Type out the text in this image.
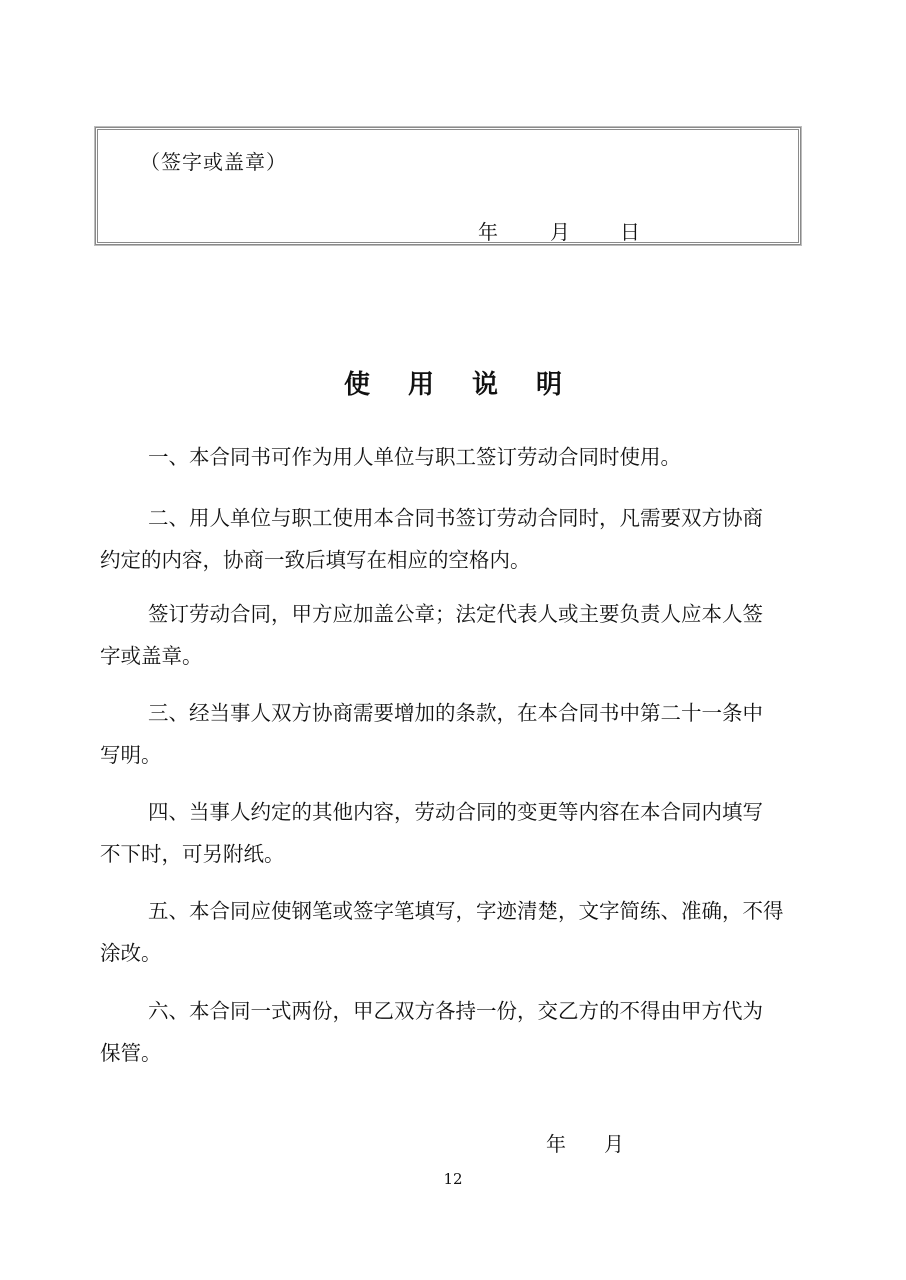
（签字或盖章）
年	月	日
使用说明

一、本合同书可作为用人单位与职工签订劳动合同时使用。

二、用人单位与职工使用本合同书签订劳动合同时，凡需要双方协商
约定的内容，协商一致后填写在相应的空格内。

签订劳动合同，甲方应加盖公章；法定代表人或主要负责人应本人签
字或盖章。

三、经当事人双方协商需要增加的条款，在本合同书中第二十一条中
写明。

四、当事人约定的其他内容，劳动合同的变更等内容在本合同内填写
不下时，可另附纸。

五、本合同应使钢笔或签字笔填写，字迹清楚，文字简练、准确，不得
涂改。

六、本合同一式两份，甲乙双方各持一份，交乙方的不得由甲方代为
保管。

年 月
12
